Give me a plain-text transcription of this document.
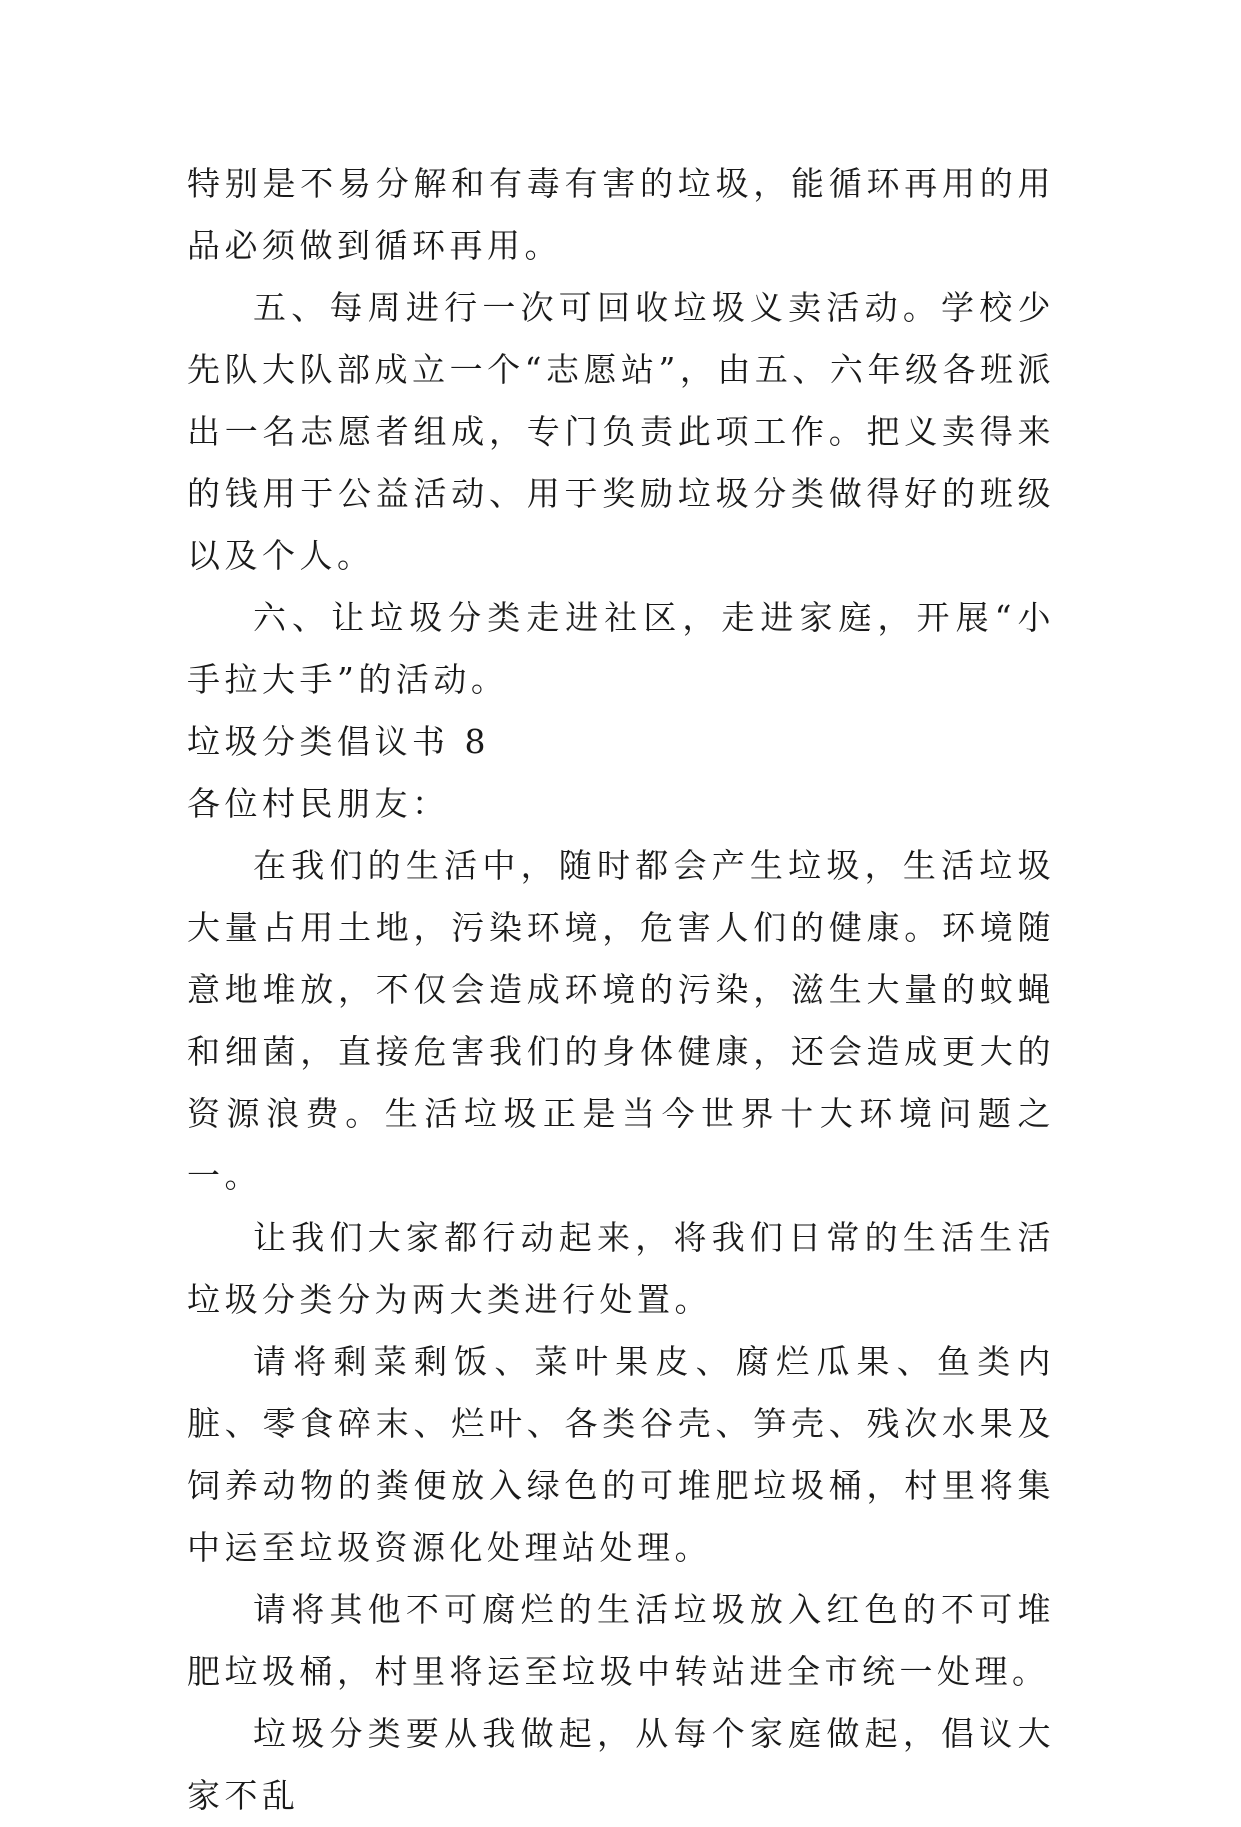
特别是不易分解和有毒有害的垃圾，能循环再用的用品必须做到循环再用。

五、每周进行一次可回收垃圾义卖活动。学校少先队大队部成立一个“志愿站”，由五、六年级各班派出一名志愿者组成，专门负责此项工作。把义卖得来的钱用于公益活动、用于奖励垃圾分类做得好的班级以及个人。

六、让垃圾分类走进社区，走进家庭，开展“小手拉大手”的活动。

垃圾分类倡议书 8

各位村民朋友：

在我们的生活中，随时都会产生垃圾，生活垃圾大量占用土地，污染环境，危害人们的健康。环境随意地堆放，不仅会造成环境的污染，滋生大量的蚊蝇和细菌，直接危害我们的身体健康，还会造成更大的资源浪费。生活垃圾正是当今世界十大环境问题之一。

让我们大家都行动起来，将我们日常的生活生活垃圾分类分为两大类进行处置。

请将剩菜剩饭、菜叶果皮、腐烂瓜果、鱼类内脏、零食碎末、烂叶、各类谷壳、笋壳、残次水果及饲养动物的粪便放入绿色的可堆肥垃圾桶，村里将集中运至垃圾资源化处理站处理。

请将其他不可腐烂的生活垃圾放入红色的不可堆肥垃圾桶，村里将运至垃圾中转站进全市统一处理。

垃圾分类要从我做起，从每个家庭做起，倡议大家不乱
